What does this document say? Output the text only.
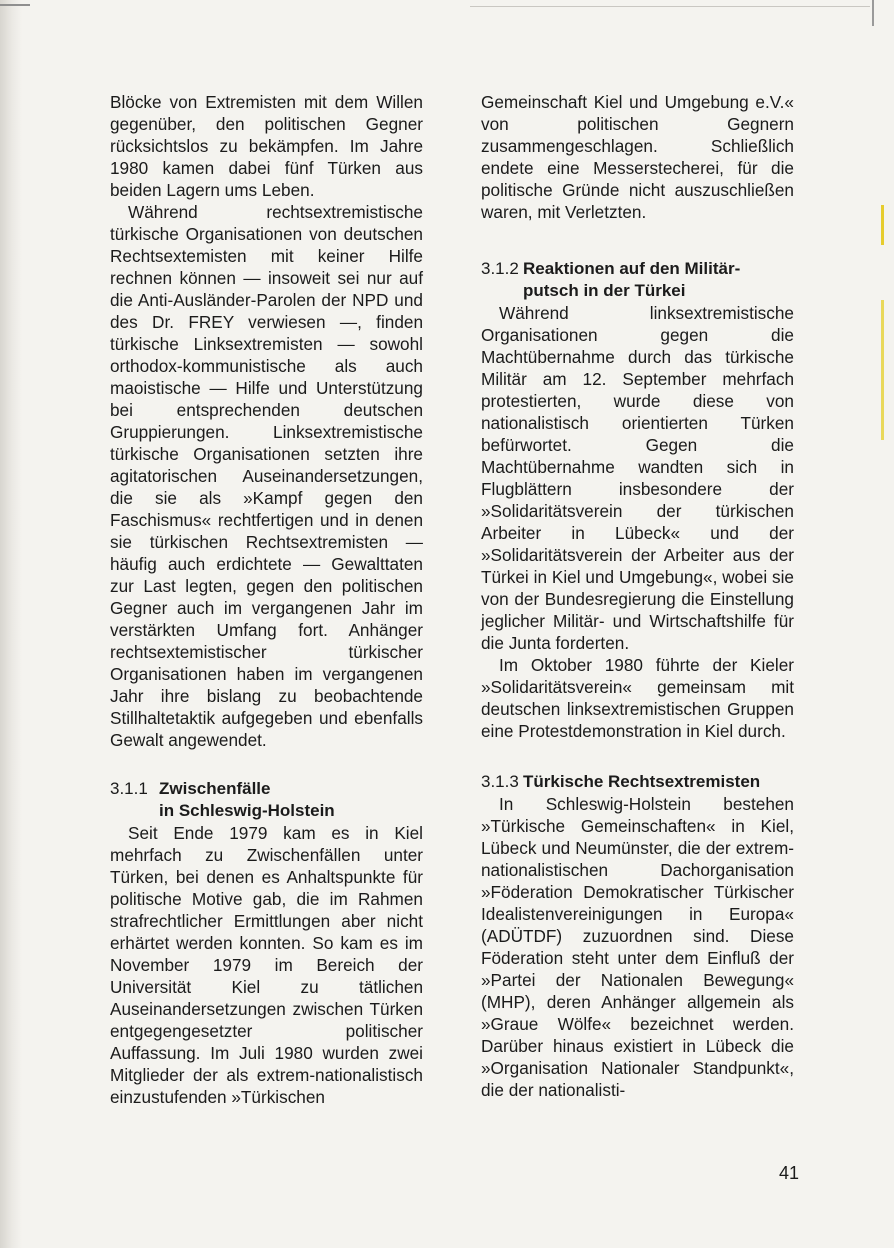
Blöcke von Extremisten mit dem Willen gegenüber, den politischen Gegner rücksichtslos zu bekämpfen. Im Jahre 1980 kamen dabei fünf Türken aus beiden Lagern ums Leben.

Während rechtsextremistische türkische Organisationen von deutschen Rechtsextemisten mit keiner Hilfe rechnen können — insoweit sei nur auf die Anti-Ausländer-Parolen der NPD und des Dr. FREY verwiesen —, finden türkische Linksextremisten — sowohl orthodox-kommunistische als auch maoistische — Hilfe und Unterstützung bei entsprechenden deutschen Gruppierungen. Linksextremistische türkische Organisationen setzten ihre agitatorischen Auseinandersetzungen, die sie als »Kampf gegen den Faschismus« rechtfertigen und in denen sie türkischen Rechtsextremisten — häufig auch erdichtete — Gewalttaten zur Last legten, gegen den politischen Gegner auch im vergangenen Jahr im verstärkten Umfang fort. Anhänger rechtsextemistischer türkischer Organisationen haben im vergangenen Jahr ihre bislang zu beobachtende Stillhaltetaktik aufgegeben und ebenfalls Gewalt angewendet.

3.1.1 Zwischenfälle
in Schleswig-Holstein

Seit Ende 1979 kam es in Kiel mehrfach zu Zwischenfällen unter Türken, bei denen es Anhaltspunkte für politische Motive gab, die im Rahmen strafrechtlicher Ermittlungen aber nicht erhärtet werden konnten. So kam es im November 1979 im Bereich der Universität Kiel zu tätlichen Auseinandersetzungen zwischen Türken entgegengesetzter politischer Auffassung. Im Juli 1980 wurden zwei Mitglieder der als extrem-nationalistisch einzustufenden »Türkischen

Gemeinschaft Kiel und Umgebung e.V.« von politischen Gegnern zusammengeschlagen. Schließlich endete eine Messerstecherei, für die politische Gründe nicht auszuschließen waren, mit Verletzten.

3.1.2 Reaktionen auf den Militär-
putsch in der Türkei

Während linksextremistische Organisationen gegen die Machtübernahme durch das türkische Militär am 12. September mehrfach protestierten, wurde diese von nationalistisch orientierten Türken befürwortet. Gegen die Machtübernahme wandten sich in Flugblättern insbesondere der »Solidaritätsverein der türkischen Arbeiter in Lübeck« und der »Solidaritätsverein der Arbeiter aus der Türkei in Kiel und Umgebung«, wobei sie von der Bundesregierung die Einstellung jeglicher Militär- und Wirtschaftshilfe für die Junta forderten.

Im Oktober 1980 führte der Kieler »Solidaritätsverein« gemeinsam mit deutschen linksextremistischen Gruppen eine Protestdemonstration in Kiel durch.

3.1.3 Türkische Rechtsextremisten

In Schleswig-Holstein bestehen »Türkische Gemeinschaften« in Kiel, Lübeck und Neumünster, die der extrem-nationalistischen Dachorganisation »Föderation Demokratischer Türkischer Idealistenvereinigungen in Europa« (ADÜTDF) zuzuordnen sind. Diese Föderation steht unter dem Einfluß der »Partei der Nationalen Bewegung« (MHP), deren Anhänger allgemein als »Graue Wölfe« bezeichnet werden. Darüber hinaus existiert in Lübeck die »Organisation Nationaler Standpunkt«, die der nationalisti-

41
